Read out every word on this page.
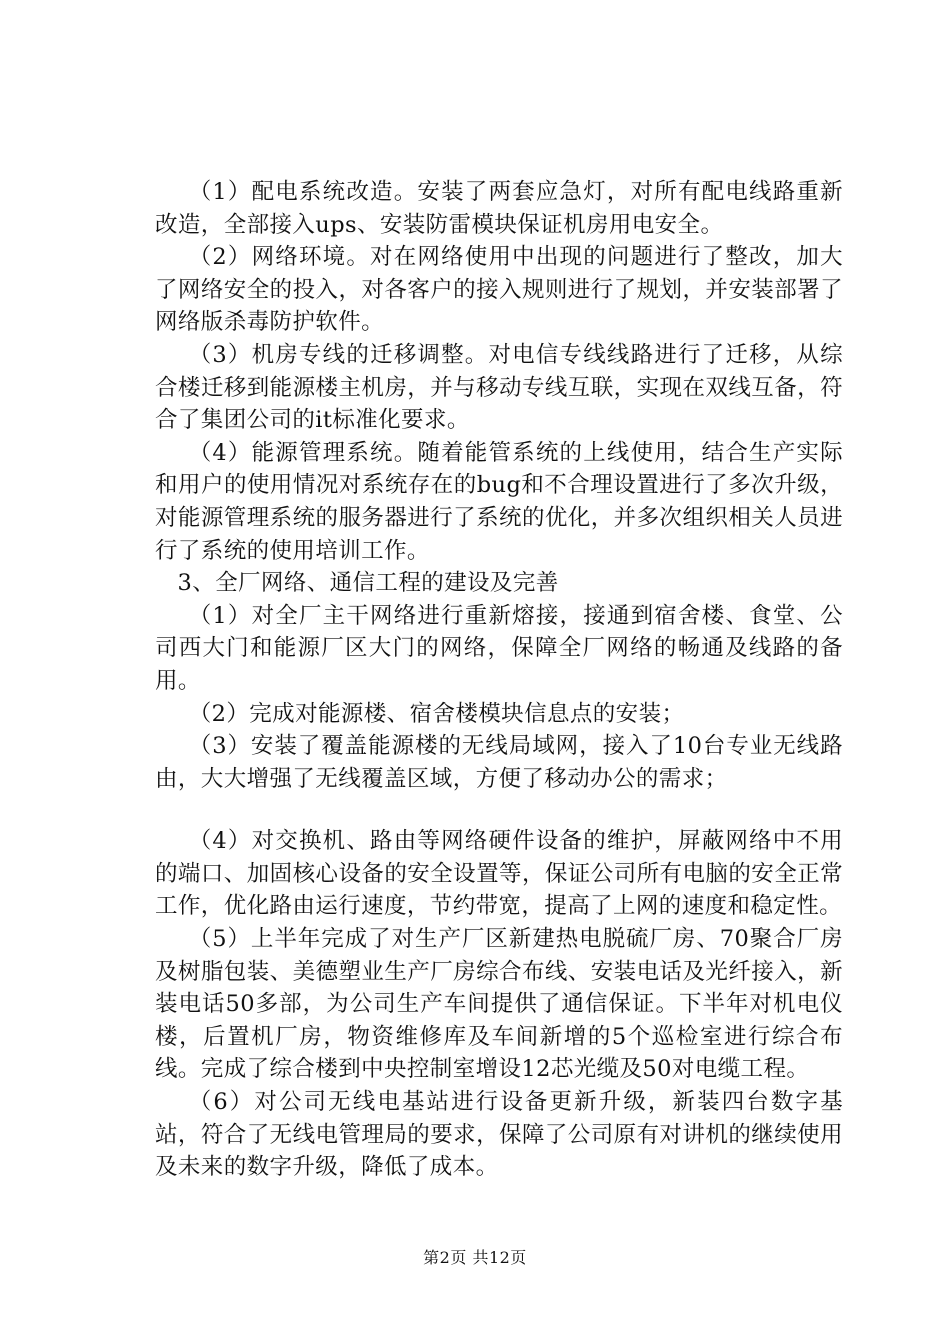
（1）配电系统改造。安装了两套应急灯，对所有配电线路重新改造，全部接入ups、安装防雷模块保证机房用电安全。

（2）网络环境。对在网络使用中出现的问题进行了整改，加大了网络安全的投入，对各客户的接入规则进行了规划，并安装部署了网络版杀毒防护软件。

（3）机房专线的迁移调整。对电信专线线路进行了迁移，从综合楼迁移到能源楼主机房，并与移动专线互联，实现在双线互备，符合了集团公司的it标准化要求。

（4）能源管理系统。随着能管系统的上线使用，结合生产实际和用户的使用情况对系统存在的bug和不合理设置进行了多次升级，对能源管理系统的服务器进行了系统的优化，并多次组织相关人员进行了系统的使用培训工作。

3、全厂网络、通信工程的建设及完善

（1）对全厂主干网络进行重新熔接，接通到宿舍楼、食堂、公司西大门和能源厂区大门的网络，保障全厂网络的畅通及线路的备用。

（2）完成对能源楼、宿舍楼模块信息点的安装；

（3）安装了覆盖能源楼的无线局域网，接入了10台专业无线路由，大大增强了无线覆盖区域，方便了移动办公的需求；

（4）对交换机、路由等网络硬件设备的维护，屏蔽网络中不用的端口、加固核心设备的安全设置等，保证公司所有电脑的安全正常工作，优化路由运行速度，节约带宽，提高了上网的速度和稳定性。

（5）上半年完成了对生产厂区新建热电脱硫厂房、70聚合厂房及树脂包装、美德塑业生产厂房综合布线、安装电话及光纤接入，新装电话50多部，为公司生产车间提供了通信保证。下半年对机电仪楼，后置机厂房，物资维修库及车间新增的5个巡检室进行综合布线。完成了综合楼到中央控制室增设12芯光缆及50对电缆工程。

（6）对公司无线电基站进行设备更新升级，新装四台数字基站，符合了无线电管理局的要求，保障了公司原有对讲机的继续使用及未来的数字升级，降低了成本。

第2页 共12页
